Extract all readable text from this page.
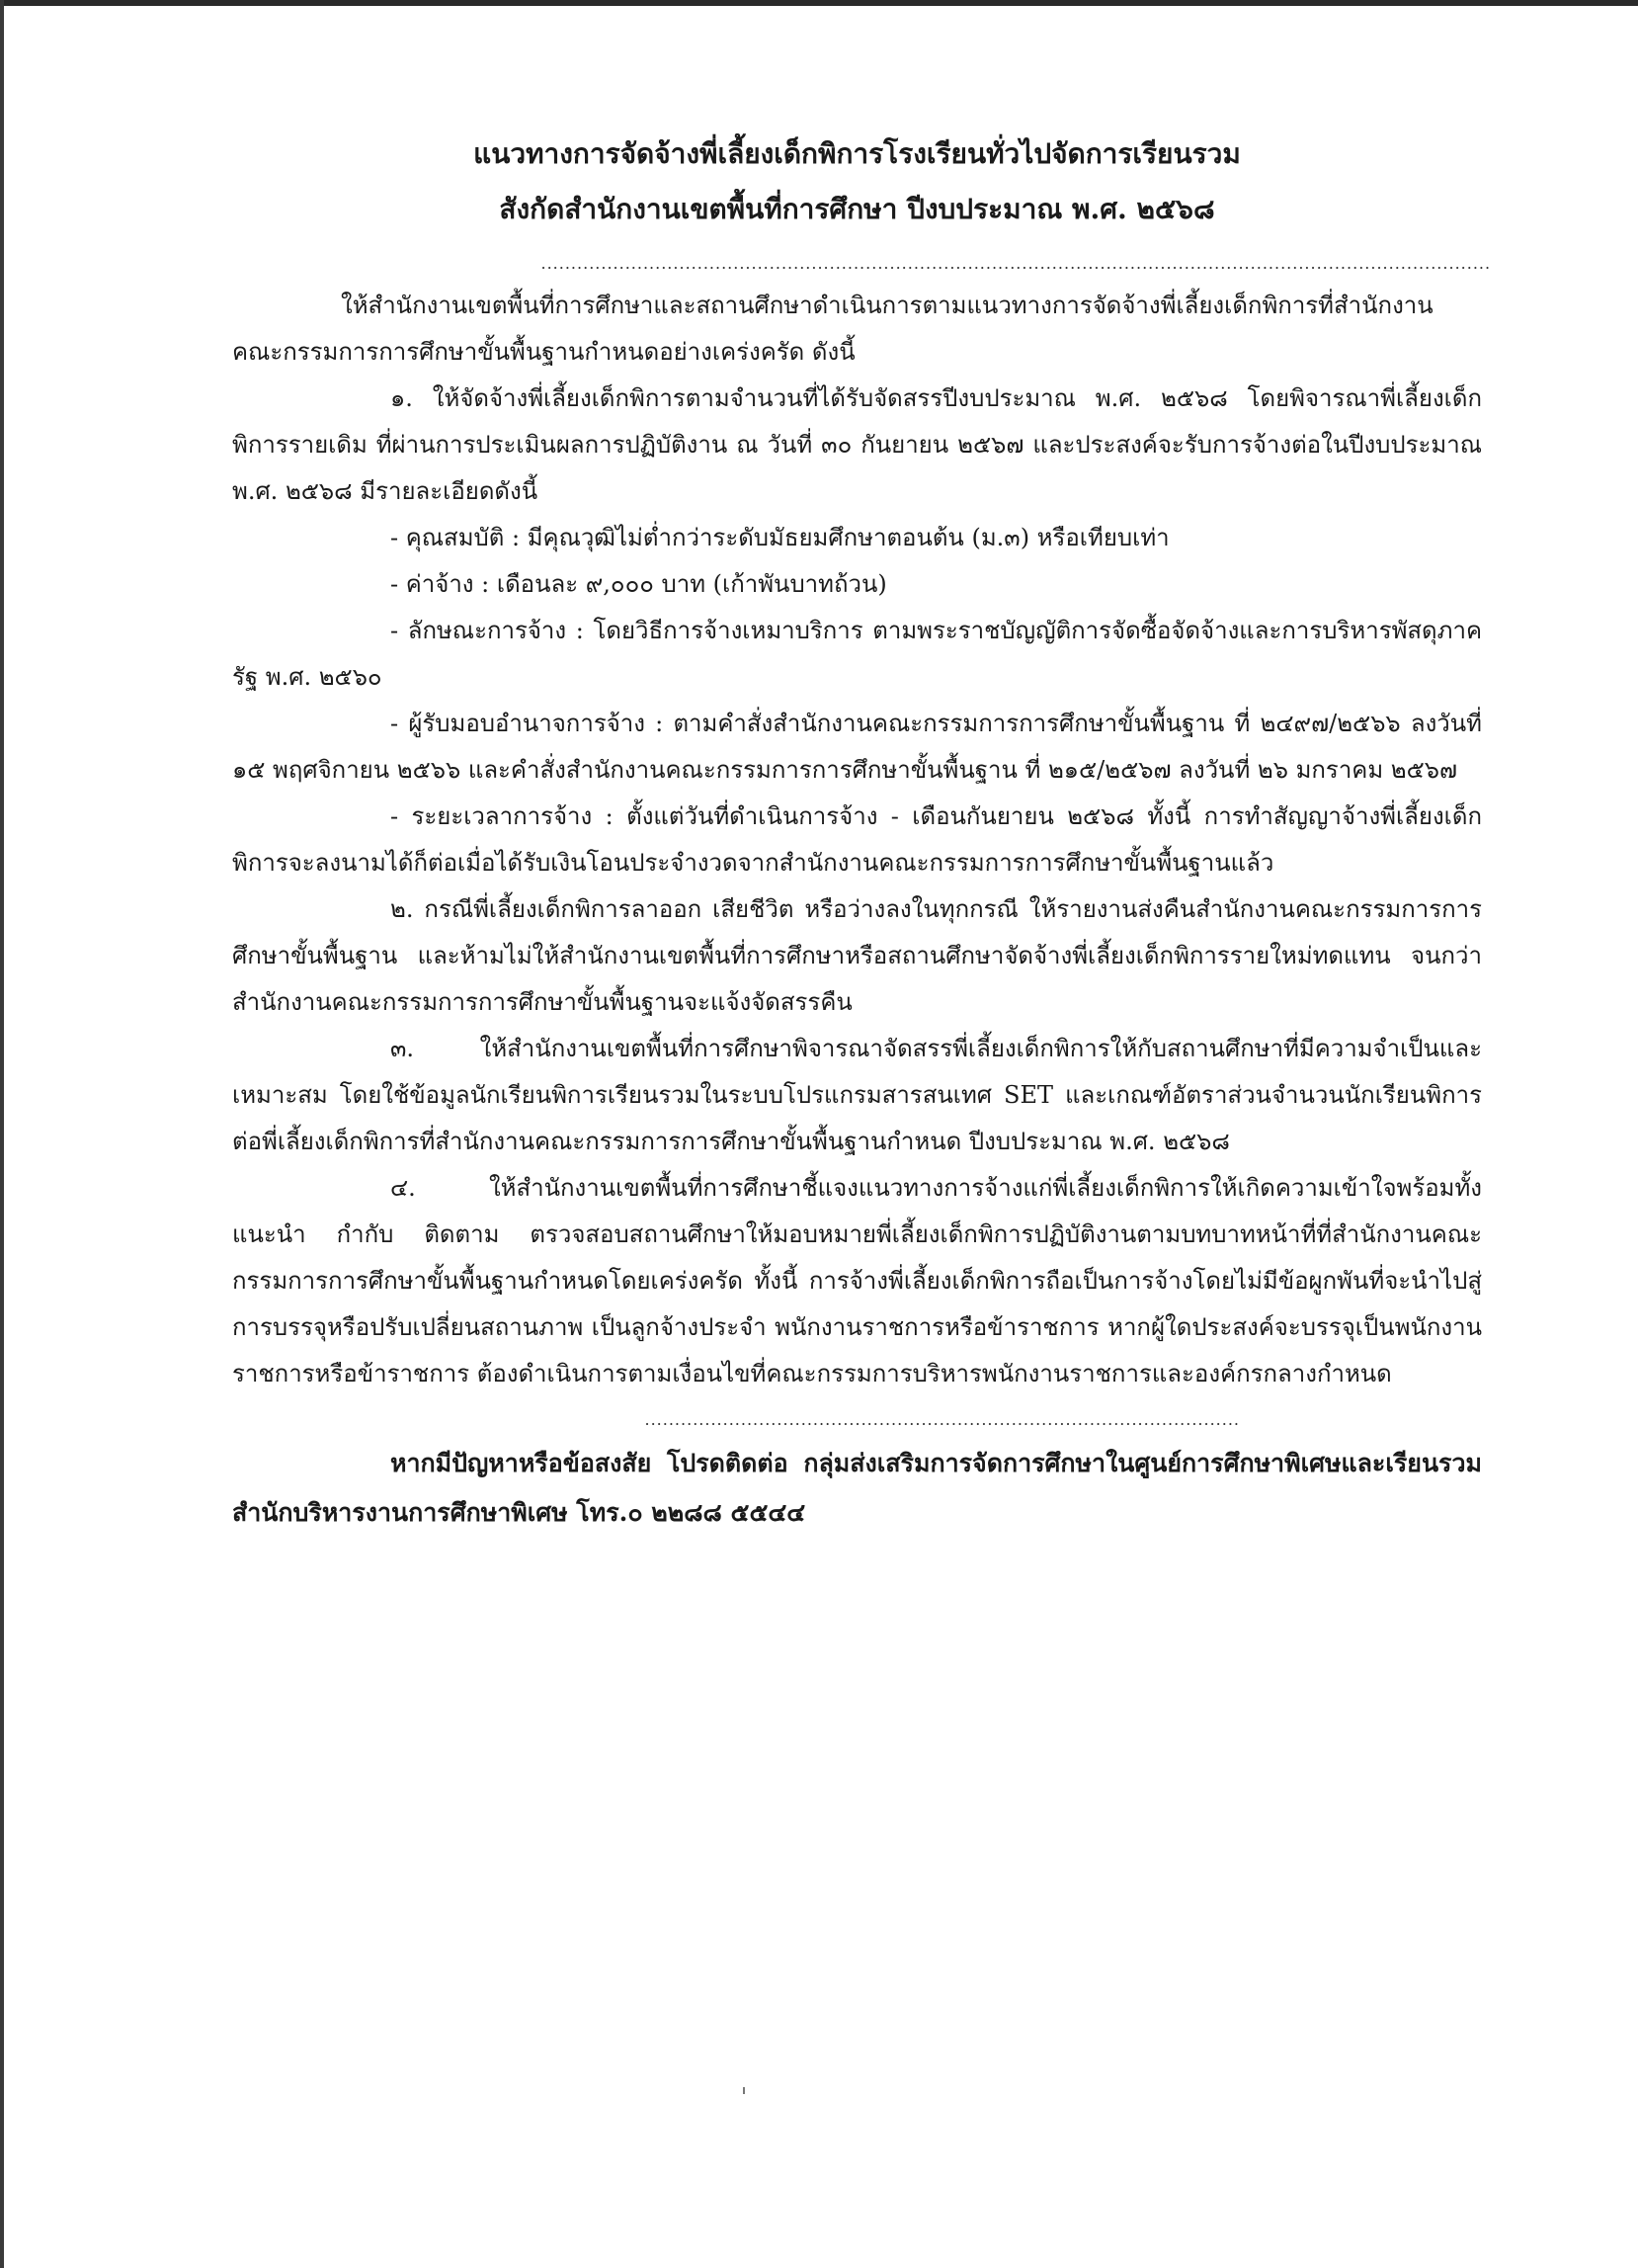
แนวทางการจัดจ้างพี่เลี้ยงเด็กพิการโรงเรียนทั่วไปจัดการเรียนรวม
สังกัดสำนักงานเขตพื้นที่การศึกษา ปีงบประมาณ พ.ศ. ๒๕๖๘
..............................................................................................................................................................

ให้สำนักงานเขตพื้นที่การศึกษาและสถานศึกษาดำเนินการตามแนวทางการจัดจ้างพี่เลี้ยงเด็กพิการที่สำนักงานคณะกรรมการการศึกษาขั้นพื้นฐานกำหนดอย่างเคร่งครัด ดังนี้

๑. ให้จัดจ้างพี่เลี้ยงเด็กพิการตามจำนวนที่ได้รับจัดสรรปีงบประมาณ พ.ศ. ๒๕๖๘ โดยพิจารณาพี่เลี้ยงเด็กพิการรายเดิม ที่ผ่านการประเมินผลการปฏิบัติงาน ณ วันที่ ๓๐ กันยายน ๒๕๖๗ และประสงค์จะรับการจ้างต่อในปีงบประมาณ พ.ศ. ๒๕๖๘ มีรายละเอียดดังนี้

- คุณสมบัติ : มีคุณวุฒิไม่ต่ำกว่าระดับมัธยมศึกษาตอนต้น (ม.๓) หรือเทียบเท่า

- ค่าจ้าง : เดือนละ ๙,๐๐๐ บาท (เก้าพันบาทถ้วน)

- ลักษณะการจ้าง : โดยวิธีการจ้างเหมาบริการ ตามพระราชบัญญัติการจัดซื้อจัดจ้างและการบริหารพัสดุภาครัฐ พ.ศ. ๒๕๖๐

- ผู้รับมอบอำนาจการจ้าง : ตามคำสั่งสำนักงานคณะกรรมการการศึกษาขั้นพื้นฐาน ที่ ๒๔๙๗/๒๕๖๖ ลงวันที่ ๑๕ พฤศจิกายน ๒๕๖๖ และคำสั่งสำนักงานคณะกรรมการการศึกษาขั้นพื้นฐาน ที่ ๒๑๕/๒๕๖๗ ลงวันที่ ๒๖ มกราคม ๒๕๖๗

- ระยะเวลาการจ้าง : ตั้งแต่วันที่ดำเนินการจ้าง - เดือนกันยายน ๒๕๖๘ ทั้งนี้ การทำสัญญาจ้างพี่เลี้ยงเด็กพิการจะลงนามได้ก็ต่อเมื่อได้รับเงินโอนประจำงวดจากสำนักงานคณะกรรมการการศึกษาขั้นพื้นฐานแล้ว

๒. กรณีพี่เลี้ยงเด็กพิการลาออก เสียชีวิต หรือว่างลงในทุกกรณี ให้รายงานส่งคืนสำนักงานคณะกรรมการการศึกษาขั้นพื้นฐาน และห้ามไม่ให้สำนักงานเขตพื้นที่การศึกษาหรือสถานศึกษาจัดจ้างพี่เลี้ยงเด็กพิการรายใหม่ทดแทน จนกว่าสำนักงานคณะกรรมการการศึกษาขั้นพื้นฐานจะแจ้งจัดสรรคืน

๓. ให้สำนักงานเขตพื้นที่การศึกษาพิจารณาจัดสรรพี่เลี้ยงเด็กพิการให้กับสถานศึกษาที่มีความจำเป็นและเหมาะสม โดยใช้ข้อมูลนักเรียนพิการเรียนรวมในระบบโปรแกรมสารสนเทศ SET และเกณฑ์อัตราส่วนจำนวนนักเรียนพิการต่อพี่เลี้ยงเด็กพิการที่สำนักงานคณะกรรมการการศึกษาขั้นพื้นฐานกำหนด ปีงบประมาณ พ.ศ. ๒๕๖๘

๔. ให้สำนักงานเขตพื้นที่การศึกษาชี้แจงแนวทางการจ้างแก่พี่เลี้ยงเด็กพิการให้เกิดความเข้าใจพร้อมทั้ง แนะนำ กำกับ ติดตาม ตรวจสอบสถานศึกษาให้มอบหมายพี่เลี้ยงเด็กพิการปฏิบัติงานตามบทบาทหน้าที่ที่สำนักงานคณะกรรมการการศึกษาขั้นพื้นฐานกำหนดโดยเคร่งครัด ทั้งนี้ การจ้างพี่เลี้ยงเด็กพิการถือเป็นการจ้างโดยไม่มีข้อผูกพันที่จะนำไปสู่การบรรจุหรือปรับเปลี่ยนสถานภาพ เป็นลูกจ้างประจำ พนักงานราชการหรือข้าราชการ หากผู้ใดประสงค์จะบรรจุเป็นพนักงานราชการหรือข้าราชการ ต้องดำเนินการตามเงื่อนไขที่คณะกรรมการบริหารพนักงานราชการและองค์กรกลางกำหนด

...................................................................................................

หากมีปัญหาหรือข้อสงสัย โปรดติดต่อ กลุ่มส่งเสริมการจัดการศึกษาในศูนย์การศึกษาพิเศษและเรียนรวม สำนักบริหารงานการศึกษาพิเศษ โทร.๐ ๒๒๘๘ ๕๕๔๔
